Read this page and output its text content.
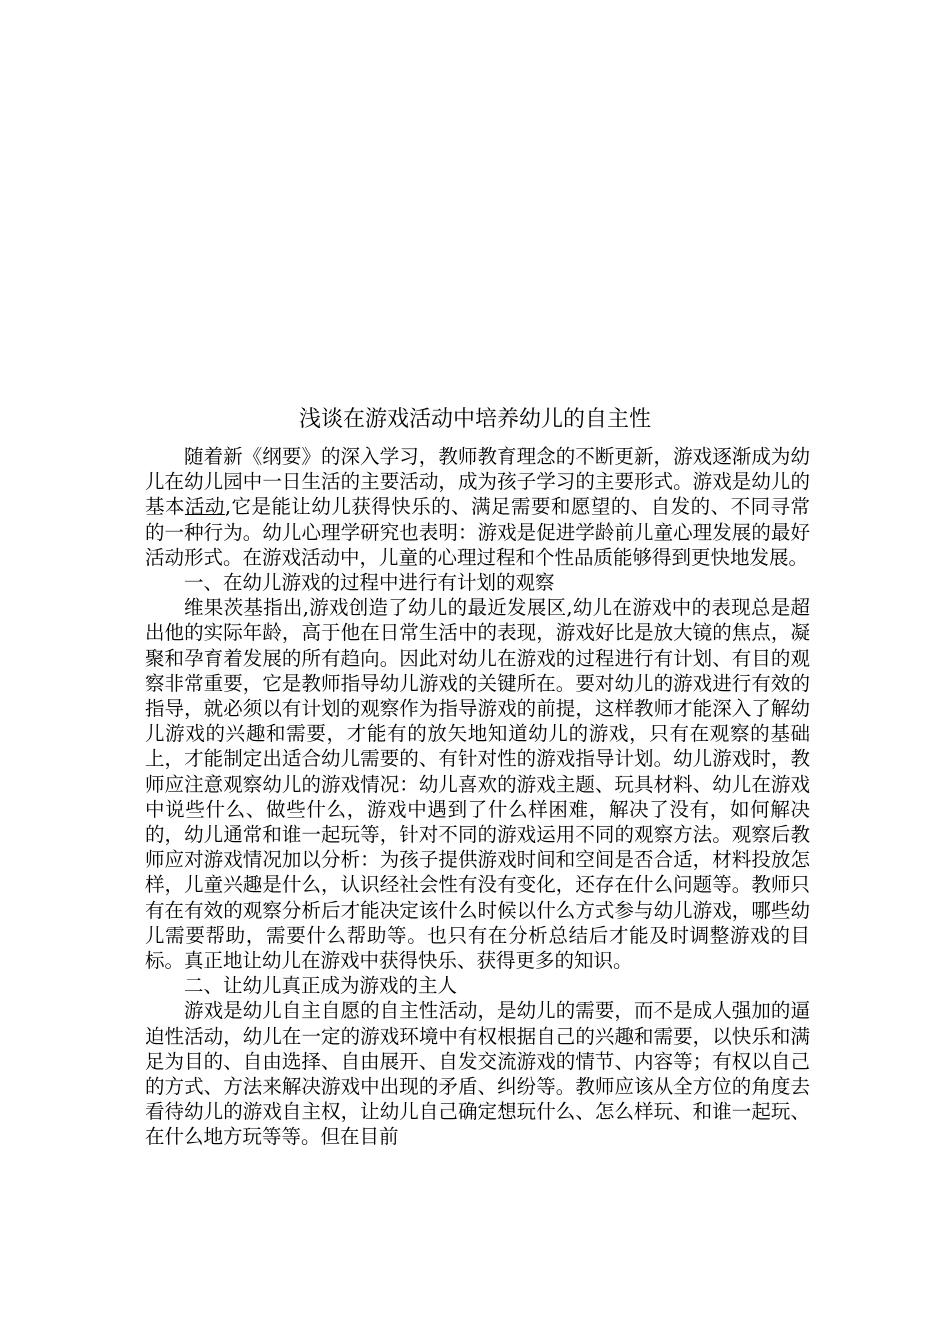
浅谈在游戏活动中培养幼儿的自主性

随着新《纲要》的深入学习，教师教育理念的不断更新，游戏逐渐成为幼儿在幼儿园中一日生活的主要活动，成为孩子学习的主要形式。游戏是幼儿的基本活动,它是能让幼儿获得快乐的、满足需要和愿望的、自发的、不同寻常的一种行为。幼儿心理学研究也表明：游戏是促进学龄前儿童心理发展的最好活动形式。在游戏活动中，儿童的心理过程和个性品质能够得到更快地发展。

一、在幼儿游戏的过程中进行有计划的观察

维果茨基指出,游戏创造了幼儿的最近发展区,幼儿在游戏中的表现总是超出他的实际年龄，高于他在日常生活中的表现，游戏好比是放大镜的焦点，凝聚和孕育着发展的所有趋向。因此对幼儿在游戏的过程进行有计划、有目的观察非常重要，它是教师指导幼儿游戏的关键所在。要对幼儿的游戏进行有效的指导，就必须以有计划的观察作为指导游戏的前提，这样教师才能深入了解幼儿游戏的兴趣和需要，才能有的放矢地知道幼儿的游戏，只有在观察的基础上，才能制定出适合幼儿需要的、有针对性的游戏指导计划。幼儿游戏时，教师应注意观察幼儿的游戏情况：幼儿喜欢的游戏主题、玩具材料、幼儿在游戏中说些什么、做些什么，游戏中遇到了什么样困难，解决了没有，如何解决的，幼儿通常和谁一起玩等，针对不同的游戏运用不同的观察方法。观察后教师应对游戏情况加以分析：为孩子提供游戏时间和空间是否合适，材料投放怎样，儿童兴趣是什么，认识经社会性有没有变化，还存在什么问题等。教师只有在有效的观察分析后才能决定该什么时候以什么方式参与幼儿游戏，哪些幼儿需要帮助，需要什么帮助等。也只有在分析总结后才能及时调整游戏的目标。真正地让幼儿在游戏中获得快乐、获得更多的知识。

二、让幼儿真正成为游戏的主人

游戏是幼儿自主自愿的自主性活动，是幼儿的需要，而不是成人强加的逼迫性活动，幼儿在一定的游戏环境中有权根据自己的兴趣和需要，以快乐和满足为目的、自由选择、自由展开、自发交流游戏的情节、内容等；有权以自己的方式、方法来解决游戏中出现的矛盾、纠纷等。教师应该从全方位的角度去看待幼儿的游戏自主权，让幼儿自己确定想玩什么、怎么样玩、和谁一起玩、在什么地方玩等等。但在目前
